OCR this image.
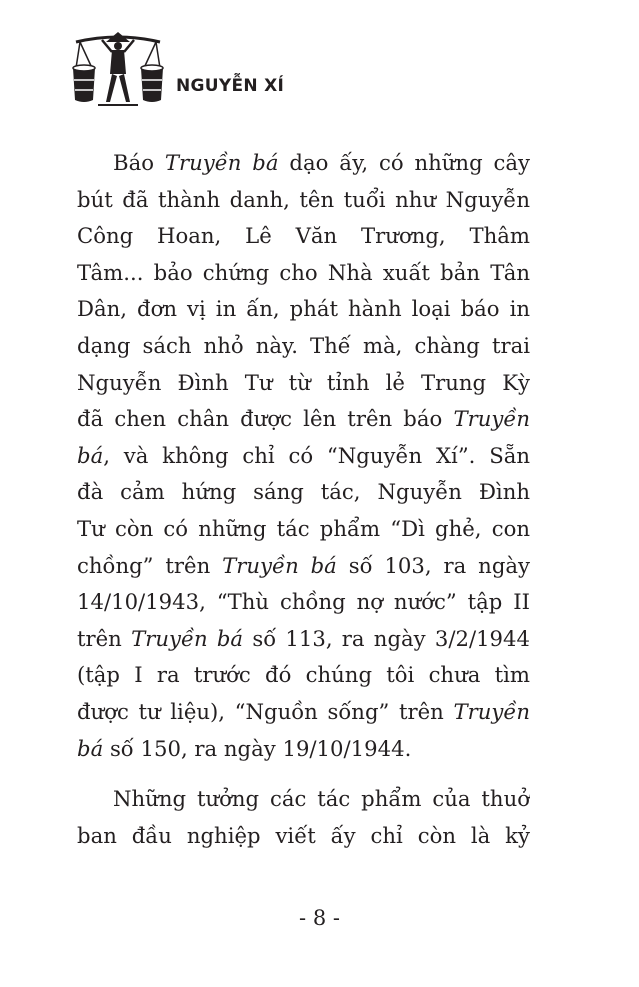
NGUYỄN XÍ

Báo Truyền bá dạo ấy, có những cây
bút đã thành danh, tên tuổi như Nguyễn
Công Hoan, Lê Văn Trương, Thâm
Tâm... bảo chứng cho Nhà xuất bản Tân
Dân, đơn vị in ấn, phát hành loại báo in
dạng sách nhỏ này. Thế mà, chàng trai
Nguyễn Đình Tư từ tỉnh lẻ Trung Kỳ
đã chen chân được lên trên báo Truyền
bá, và không chỉ có “Nguyễn Xí”. Sẵn
đà cảm hứng sáng tác, Nguyễn Đình
Tư còn có những tác phẩm “Dì ghẻ, con
chồng” trên Truyền bá số 103, ra ngày
14/10/1943, “Thù chồng nợ nước” tập II
trên Truyền bá số 113, ra ngày 3/2/1944
(tập I ra trước đó chúng tôi chưa tìm
được tư liệu), “Nguồn sống” trên Truyền
bá số 150, ra ngày 19/10/1944.

Những tưởng các tác phẩm của thuở
ban đầu nghiệp viết ấy chỉ còn là kỷ

- 8 -
